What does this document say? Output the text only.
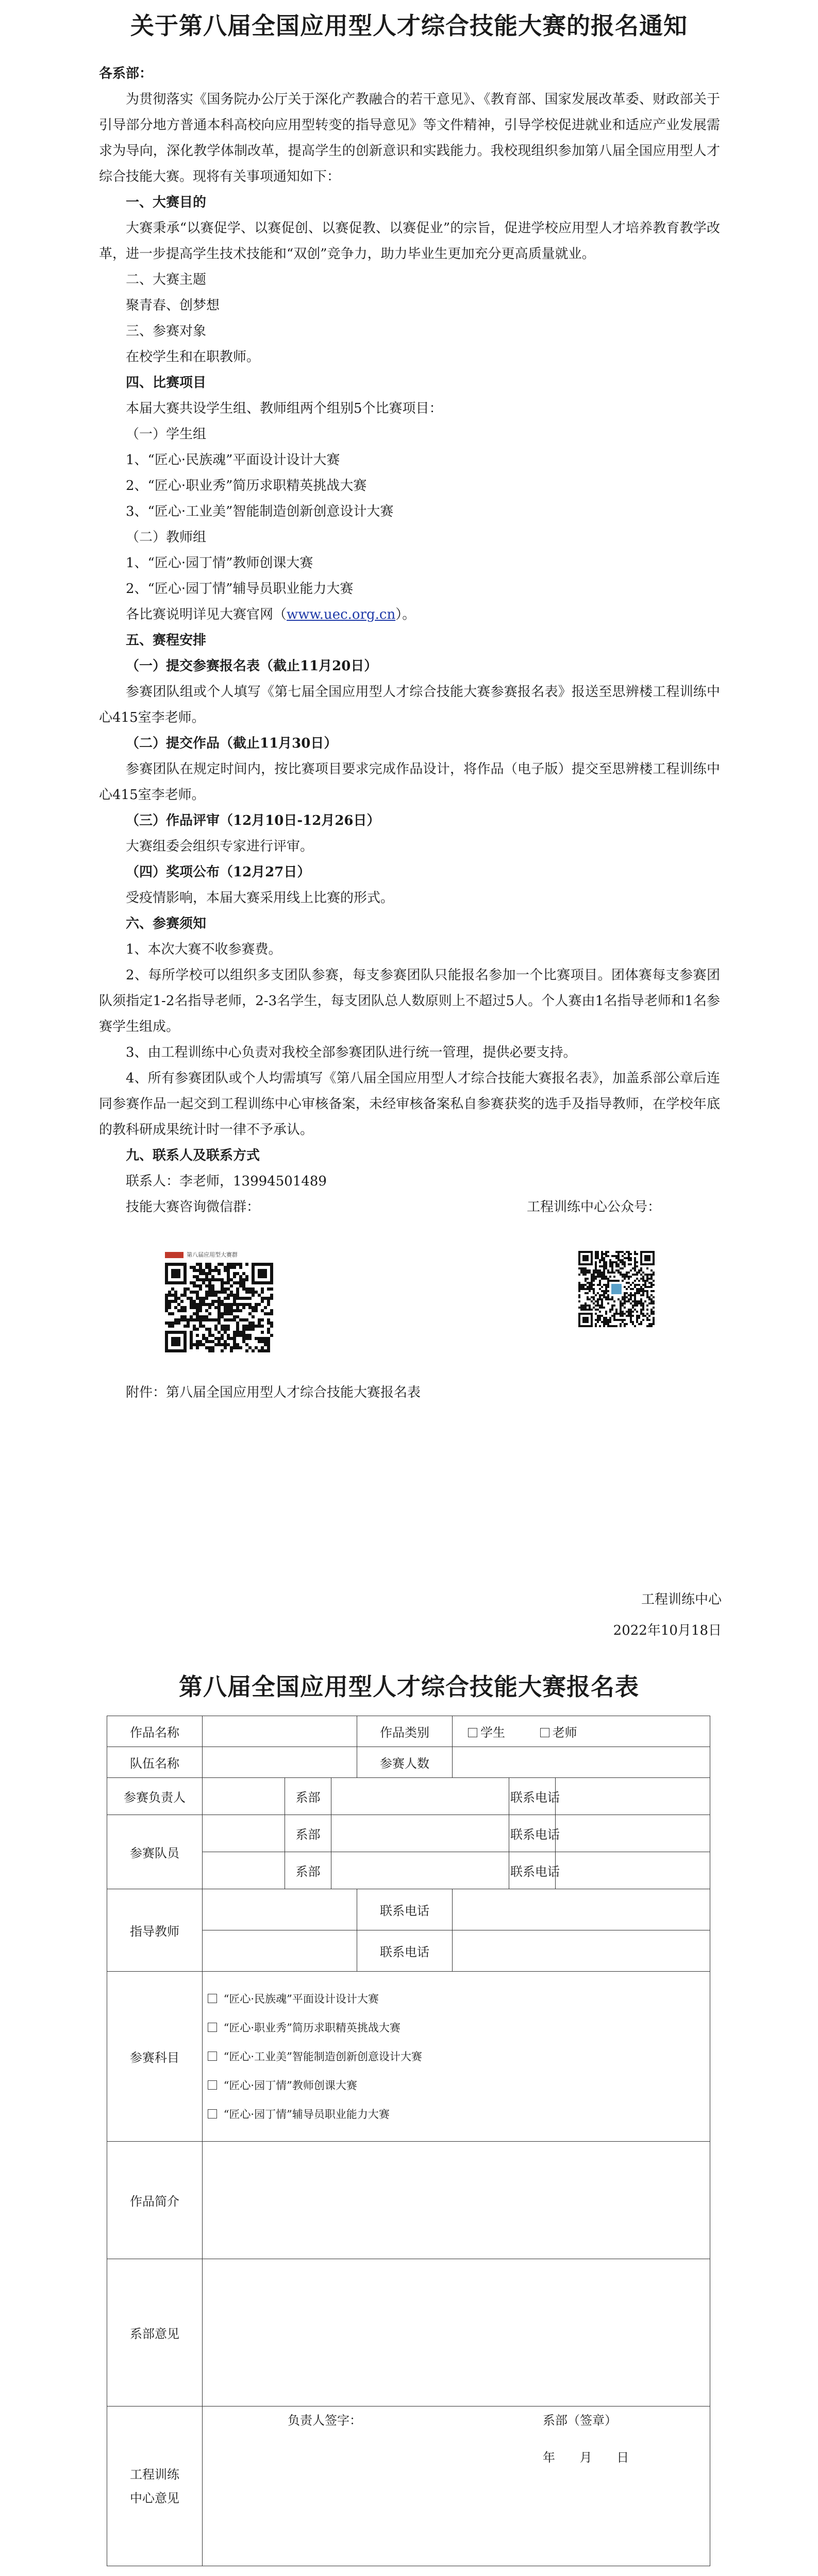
关于第八届全国应用型人才综合技能大赛的报名通知

各系部：

为贯彻落实《国务院办公厅关于深化产教融合的若干意见》、《教育部、国家发展改革委、财政部关于引导部分地方普通本科高校向应用型转变的指导意见》等文件精神，引导学校促进就业和适应产业发展需求为导向，深化教学体制改革，提高学生的创新意识和实践能力。我校现组织参加第八届全国应用型人才综合技能大赛。现将有关事项通知如下：

一、大赛目的

大赛秉承“以赛促学、以赛促创、以赛促教、以赛促业”的宗旨，促进学校应用型人才培养教育教学改革，进一步提高学生技术技能和“双创”竞争力，助力毕业生更加充分更高质量就业。

二、大赛主题

聚青春、创梦想

三、参赛对象

在校学生和在职教师。

四、比赛项目

本届大赛共设学生组、教师组两个组别5个比赛项目：

（一）学生组

1、“匠心·民族魂”平面设计设计大赛

2、“匠心·职业秀”简历求职精英挑战大赛

3、“匠心·工业美”智能制造创新创意设计大赛

（二）教师组

1、“匠心·园丁情”教师创课大赛

2、“匠心·园丁情”辅导员职业能力大赛

各比赛说明详见大赛官网（www.uec.org.cn）。

五、赛程安排

（一）提交参赛报名表（截止11月20日）

参赛团队组或个人填写《第七届全国应用型人才综合技能大赛参赛报名表》报送至思辨楼工程训练中心415室李老师。

（二）提交作品（截止11月30日）

参赛团队在规定时间内，按比赛项目要求完成作品设计，将作品（电子版）提交至思辨楼工程训练中心415室李老师。

（三）作品评审（12月10日-12月26日）

大赛组委会组织专家进行评审。

（四）奖项公布（12月27日）

受疫情影响，本届大赛采用线上比赛的形式。

六、参赛须知

1、本次大赛不收参赛费。

2、每所学校可以组织多支团队参赛，每支参赛团队只能报名参加一个比赛项目。团体赛每支参赛团队须指定1-2名指导老师，2-3名学生，每支团队总人数原则上不超过5人。个人赛由1名指导老师和1名参赛学生组成。

3、由工程训练中心负责对我校全部参赛团队进行统一管理，提供必要支持。

4、所有参赛团队或个人均需填写《第八届全国应用型人才综合技能大赛报名表》，加盖系部公章后连同参赛作品一起交到工程训练中心审核备案，未经审核备案私自参赛获奖的选手及指导教师，在学校年底的教科研成果统计时一律不予承认。

九、联系人及联系方式

联系人：李老师，13994501489

技能大赛咨询微信群：	工程训练中心公众号：
第八届应用型大赛群

附件：第八届全国应用型人才综合技能大赛报名表

工程训练中心
2022年10月18日
第八届全国应用型人才综合技能大赛报名表
作品名称				作品类别	学生 老师		
队伍名称				参赛人数			
参赛负责人		系部				联系电话	
参赛队员		系部				联系电话	
		系部				联系电话	
指导教师				联系电话			
				联系电话			
参赛科目	“匠心·民族魂”平面设计设计大赛
“匠心·职业秀”简历求职精英挑战大赛
“匠心·工业美”智能制造创新创意设计大赛
“匠心·园丁情”教师创课大赛
“匠心·园丁情”辅导员职业能力大赛						

作品简介							
系部意见	负责人签字： 系部（签章）
年 月 日						

工程训练中心意见	
